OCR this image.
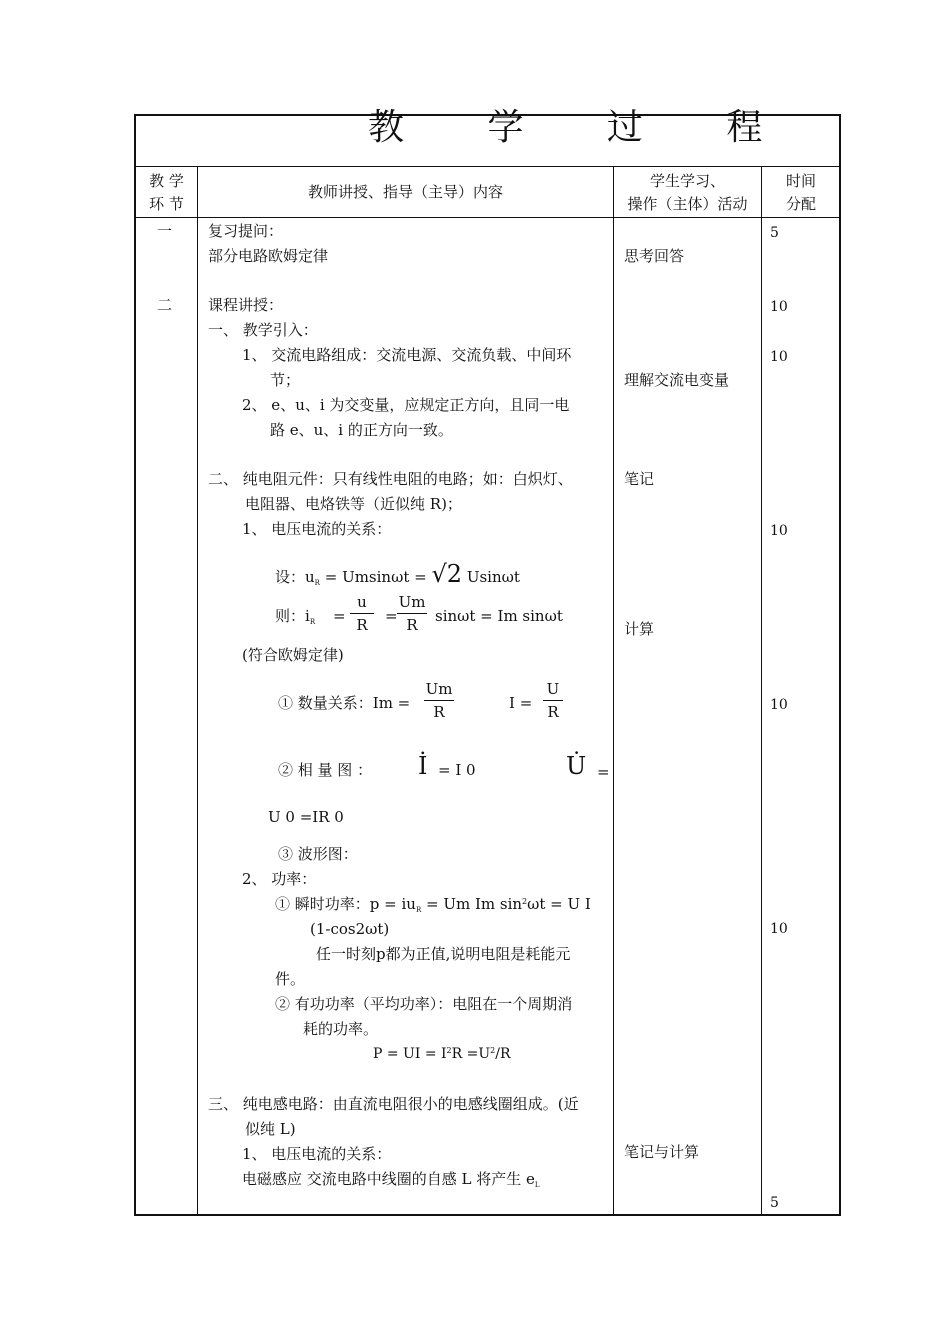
教 学 过 程
教 学
环 节
教师讲授、指导（主导）内容
学生学习、
操作（主体）活动
时间
分配
一
二
复习提问：
部分电路欧姆定律
课程讲授：
一、 教学引入：
1、 交流电路组成：交流电源、交流负载、中间环
节；
2、 e、u、i 为交变量，应规定正方向，且同一电
路 e、u、i 的正方向一致。
二、 纯电阻元件：只有线性电阻的电路；如：白炽灯、
电阻器、电烙铁等（近似纯 R)；
1、 电压电流的关系：
设：$u_R = Umsin\omega t = √2$ Usinωt
则：$i_R = \frac{u}{R} = \frac{Um}{R}$ sinωt = Im sinωt
(符合欧姆定律)
① 数量关系：$Im = \frac{Um}{R}$	$I = \frac{U}{R}$
② 相 量 图 ： İ = I 0	U̇ =
U 0 =IR 0
③ 波形图：
2、 功率：
① 瞬时功率：$p = iu_R = Um$ Im $\sin^2\omega t = U$ I
(1-cos2ωt)
任一时刻p都为正值,说明电阻是耗能元
件。
② 有功功率（平均功率）：电阻在一个周期消
耗的功率。
P = UI = $I^2R =U^2/R$
三、 纯电感电路：由直流电阻很小的电感线圈组成。(近
似纯 L)
1、 电压电流的关系：
电磁感应 交流电路中线圈的自感 L 将产生 $e_L$
思考回答
理解交流电变量
笔记
计算
笔记与计算
5
10
10
10
10
10
5
